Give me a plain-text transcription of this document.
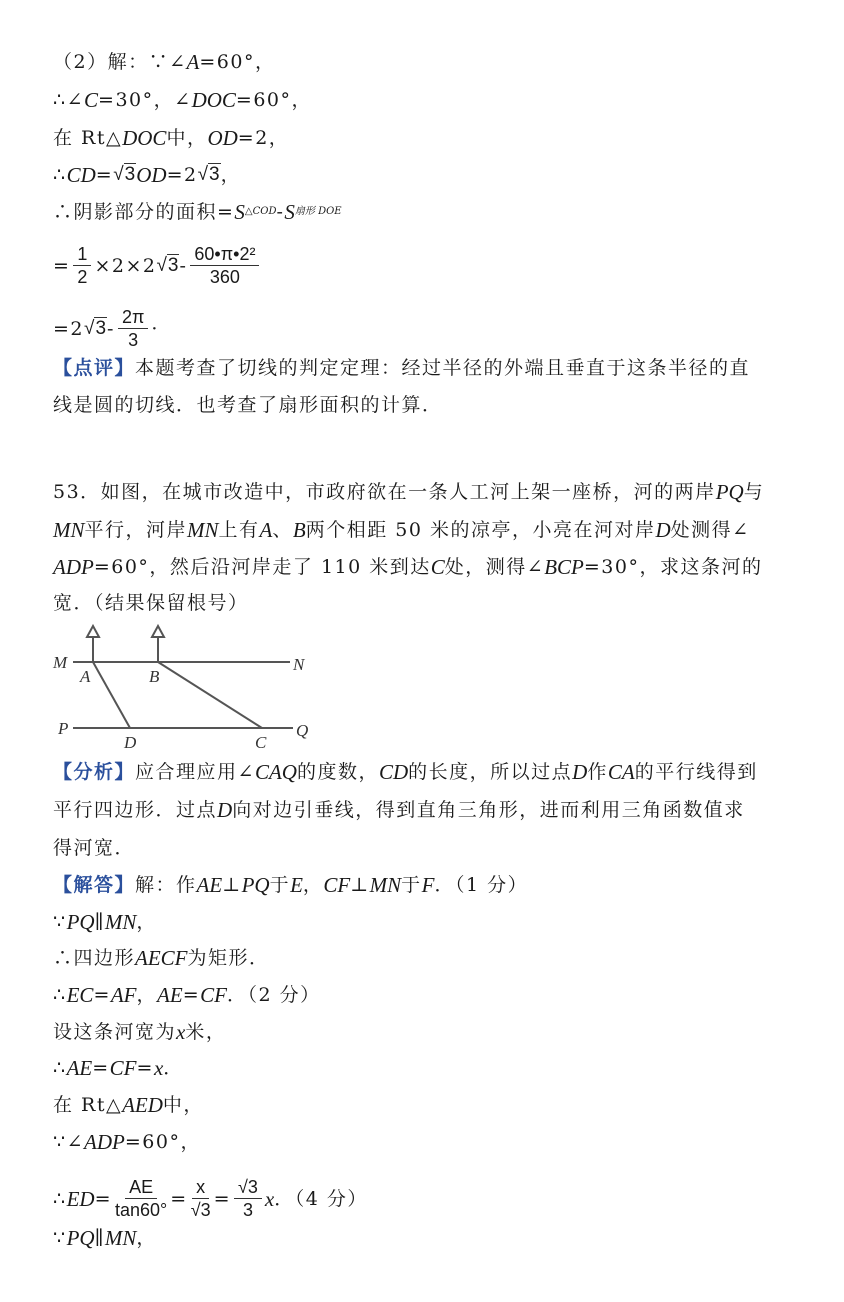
（2）解：∵∠ A =60°，
∴∠ C =30°，∠ DOC =60°，
在 Rt△ DOC 中， OD =2，
∴ CD = √3 OD =2 √3 ，
∴阴影部分的面积= S △COD - S 扇形 DOE
= $\frac{1}{2} \times 2\times 2$ $√3 - \frac{\text{60•π•2²}}{360}$
=2 $√3 - \frac{2\pi}{3}$ ·
【点评】 本题考查了切线的判定定理：经过半径的外端且垂直于这条半径的直
线是圆的切线．也考查了扇形面积的计算．
53．如图，在城市改造中，市政府欲在一条人工河上架一座桥，河的两岸 PQ 与
MN 平行，河岸 MN 上有 A 、 B 两个相距 50 米的凉亭，小亮在河对岸 D 处测得∠
ADP =60°，然后沿河岸走了 110 米到达 C 处，测得∠ BCP =30°，求这条河的
宽．（结果保留根号）
【分析】 应合理应用∠ CAQ 的度数， CD 的长度，所以过点 D 作 CA 的平行线得到
平行四边形．过点 D 向对边引垂线，得到直角三角形，进而利用三角函数值求
得河宽．
【解答】 解：作 AE ⊥ PQ 于 E ， CF ⊥ MN 于 F ．（1 分）
∵ PQ ∥ MN ，
∴四边形 AECF 为矩形．
∴ EC = AF ， AE = CF ．（2 分）
设这条河宽为 x 米，
∴ AE = CF = x ．
在 Rt△ AED 中，
∵∠ ADP =60°，
∴ ED = $\frac{AE}{\tan 60^\circ} = \frac{x}{√3} = \frac{√3}{3}$ x ．（4 分）
∵ PQ ∥ MN ，
M	N
A	B
P	Q
D	C
